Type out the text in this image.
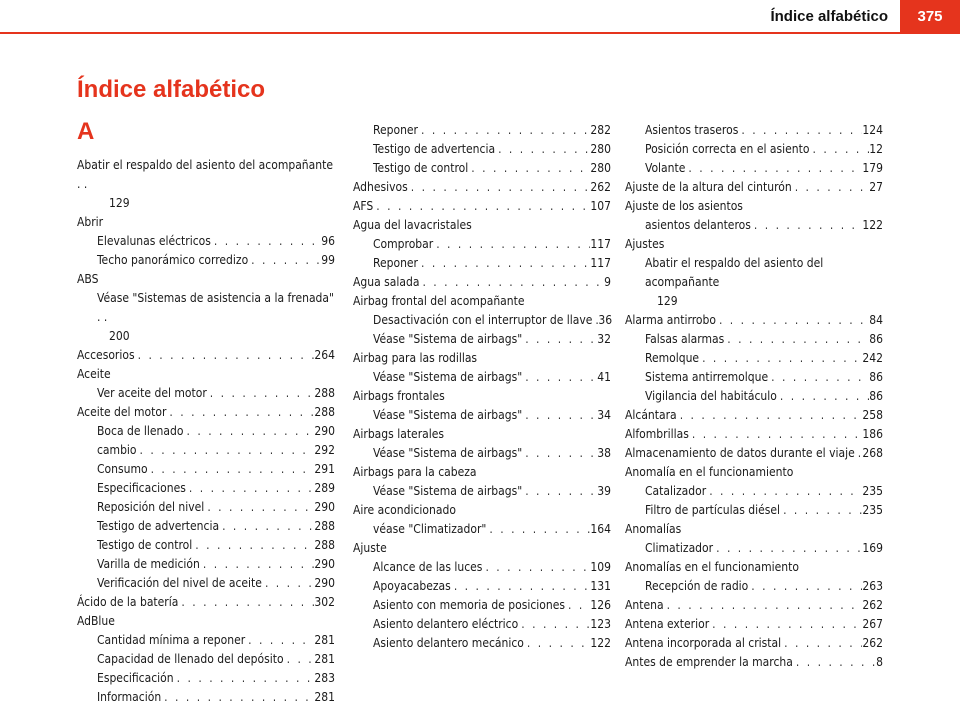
Índice alfabético	375
Índice alfabético
A
Abatir el respaldo del asiento del acompañante . .
129
Abrir
Elevalunas eléctricos . . .	96
Techo panorámico corredizo . . .	99
ABS
Véase "Sistemas de asistencia a la frenada" . .
200
Accesorios . . .	264
Aceite
Ver aceite del motor . . .	288
Aceite del motor . . .	288
Boca de llenado . . .	290
cambio . . .	292
Consumo . . .	291
Especificaciones . . .	289
Reposición del nivel . . .	290
Testigo de advertencia . . .	288
Testigo de control . . .	288
Varilla de medición . . .	290
Verificación del nivel de aceite . . .	290
Ácido de la batería . . .	302
AdBlue
Cantidad mínima a reponer . . .	281
Capacidad de llenado del depósito . . .	281
Especificación . . .	283
Información . . .	281
Reponer . . .	282
Testigo de advertencia . . .	280
Testigo de control . . .	280
Adhesivos . . .	262
AFS . . .	107
Agua del lavacristales
Comprobar . . .	117
Reponer . . .	117
Agua salada . . .	9
Airbag frontal del acompañante
Desactivación con el interruptor de llave . . . 36
Véase "Sistema de airbags" . . .	32
Airbag para las rodillas
Véase "Sistema de airbags" . . .	41
Airbags frontales
Véase "Sistema de airbags" . . .	34
Airbags laterales
Véase "Sistema de airbags" . . .	38
Airbags para la cabeza
Véase "Sistema de airbags" . . .	39
Aire acondicionado
véase "Climatizador" . . .	164
Ajuste
Alcance de las luces . . .	109
Apoyacabezas . . .	131
Asiento con memoria de posiciones . . . 126
Asiento delantero eléctrico . . .	123
Asiento delantero mecánico . . .	122
Asientos traseros . . .	124
Posición correcta en el asiento . . .	12
Volante . . .	179
Ajuste de la altura del cinturón . . .	27
Ajuste de los asientos
asientos delanteros . . .	122
Ajustes
Abatir el respaldo del asiento del acompañante
129
Alarma antirrobo . . .	84
Falsas alarmas . . .	86
Remolque . . .	242
Sistema antirremolque . . .	86
Vigilancia del habitáculo . . .	86
Alcántara . . .	258
Alfombrillas . . .	186
Almacenamiento de datos durante el viaje . . . 268
Anomalía en el funcionamiento
Catalizador . . .	235
Filtro de partículas diésel . . .	235
Anomalías
Climatizador . . .	169
Anomalías en el funcionamiento
Recepción de radio . . .	263
Antena . . .	262
Antena exterior . . .	267
Antena incorporada al cristal . . .	262
Antes de emprender la marcha . . .	8
